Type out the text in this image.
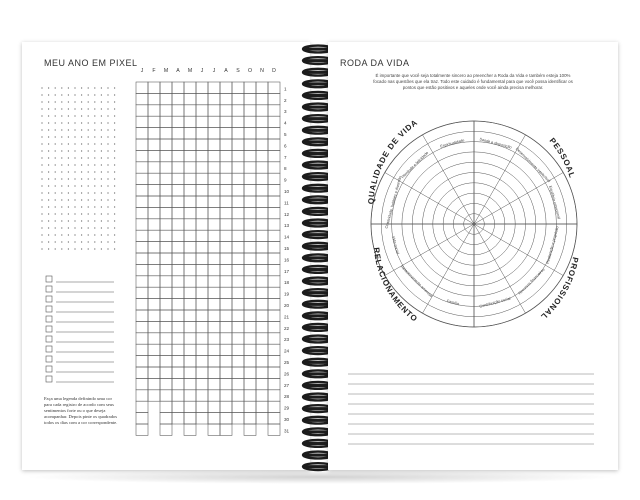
MEU ANO EM PIXEL
Faça uma legenda definindo uma cor
para cada registro de acordo com seus
sentimentos forte ou o que deseja
acompanhar. Depois pinte os quadrados
todos os dias com a cor correspondente.
J F M A M J J A S O N D
1
2
3
4
5
6
7
8
9
10
11
12
13
14
15
16
17
18
19
20
21
22
23
24
25
26
27
28
29
30
31
RODA DA VIDA
É importante que você seja totalmente sincero ao preencher a Roda da Vida e também esteja 100%
focado nas questões que ela traz. Todo este cuidado é fundamental para que você possa identificar os
pontos que estão positivos e aqueles onde você ainda precisa melhorar.
QUALIDADE DE VIDA
PESSOAL
PROFISSIONAL
RELACIONAMENTO
Saúde e disposição
Desenvolvimento intelectual
Equilíbrio emocional
Realização e propósito
Recursos financeiros
Contribuição social
Família
Relacionamento amoroso
Vida social
Criatividade, hobbies e diversão
Plenitude e felicidade
Espiritualidade
